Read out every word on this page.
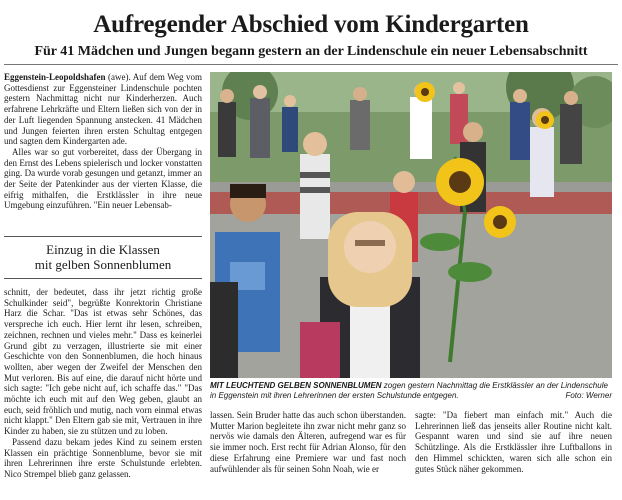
Aufregender Abschied vom Kindergarten
Für 41 Mädchen und Jungen begann gestern an der Lindenschule ein neuer Lebensabschnitt

Eggenstein-Leopoldshafen (awe). Auf dem Weg vom Gottesdienst zur Eggensteiner Lindenschule pochten gestern Nachmittag nicht nur Kinderherzen. Auch erfahrene Lehrkräfte und Eltern ließen sich von der in der Luft liegenden Spannung anstecken. 41 Mädchen und Jungen feierten ihren ersten Schultag entgegen und sagten dem Kindergarten ade.

Alles war so gut vorbereitet, dass der Übergang in den Ernst des Lebens spielerisch und locker vonstatten ging. Da wurde vorab gesungen und getanzt, immer an der Seite der Patenkinder aus der vierten Klasse, die eifrig mithalfen, die Erstklässler in ihre neue Umgebung einzuführen. "Ein neuer Lebensab-

Einzug in die Klassen
mit gelben Sonnenblumen

schnitt, der bedeutet, dass ihr jetzt richtig große Schulkinder seid", begrüßte Konrektorin Christiane Harz die Schar. "Das ist etwas sehr Schönes, das verspreche ich euch. Hier lernt ihr lesen, schreiben, zeichnen, rechnen und vieles mehr." Dass es keinerlei Grund gibt zu verzagen, illustrierte sie mit einer Geschichte von den Sonnenblumen, die hoch hinaus wollten, aber wegen der Zweifel der Menschen den Mut verloren. Bis auf eine, die darauf nicht hörte und sich sagte: "Ich gebe nicht auf, ich schaffe das." "Das möchte ich euch mit auf den Weg geben, glaubt an euch, seid fröhlich und mutig, nach vorn einmal etwas nicht klappt." Den Eltern gab sie mit, Vertrauen in ihre Kinder zu haben, sie zu stützen und zu loben.

Passend dazu bekam jedes Kind zu seinem ersten Klassen ein prächtige Sonnenblume, bevor sie mit ihren Lehrerinnen ihre erste Schulstunde erlebten. Nico Strempel blieb ganz gelassen.

MIT LEUCHTEND GELBEN SONNENBLUMEN zogen gestern Nachmittag die Erstklässler an der Lindenschule in Eggenstein mit ihren Lehrerinnen der ersten Schulstunde entgegen.	Foto: Werner

lassen. Sein Bruder hatte das auch schon überstanden. Mutter Marion begleitete ihn zwar nicht mehr ganz so nervös wie damals den Älteren, aufregend war es für sie immer noch. Erst recht für Adrian Alonso, für den diese Erfahrung eine Premiere war und fast noch aufwühlender als für seinen Sohn Noah, wie er

sagte: "Da fiebert man einfach mit." Auch die Lehrerinnen ließ das jenseits aller Routine nicht kalt. Gespannt waren und sind sie auf ihre neuen Schützlinge. Als die Erstklässler ihre Luftballons in den Himmel schickten, waren sich alle schon ein gutes Stück näher gekommen.
